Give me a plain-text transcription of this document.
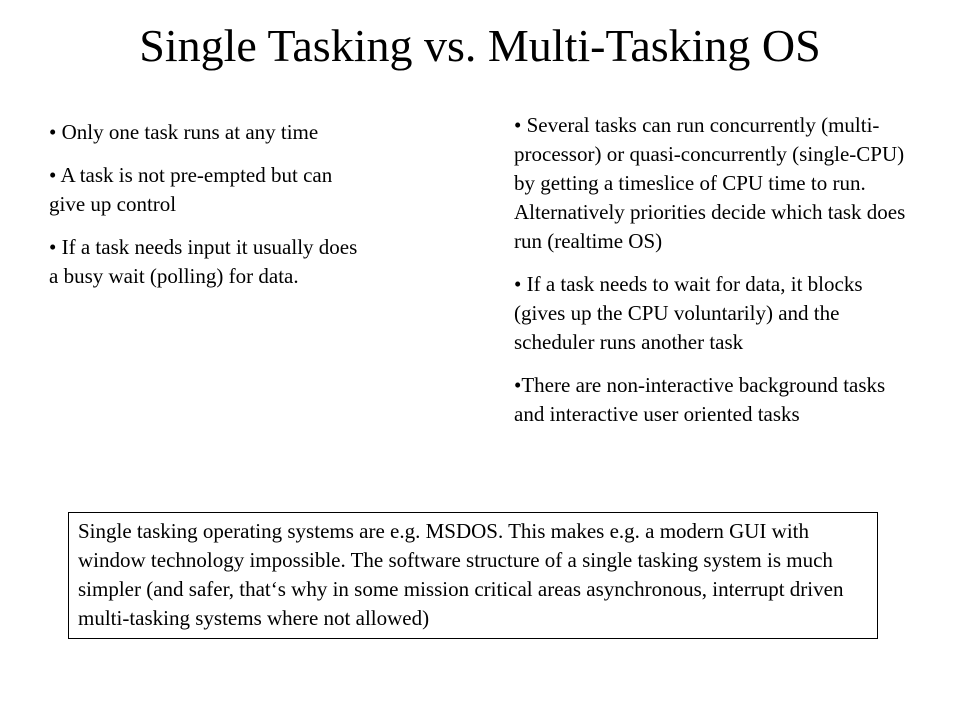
Single Tasking vs. Multi-Tasking OS

• Only one task runs at any time

• A task is not pre-empted but can give up control

• If a task needs input it usually does a busy wait (polling) for data.

• Several tasks can run concurrently (multi-processor) or quasi-concurrently (single-CPU) by getting a timeslice of CPU time to run. Alternatively priorities decide which task does run (realtime OS)

• If a task needs to wait for data, it blocks (gives up the CPU voluntarily) and the scheduler runs another task

•There are non-interactive background tasks and interactive user oriented tasks

Single tasking operating systems are e.g. MSDOS. This makes e.g. a modern GUI with window technology impossible. The software structure of a single tasking system is much simpler (and safer, that‘s why in some mission critical areas asynchronous, interrupt driven multi-tasking systems where not allowed)
